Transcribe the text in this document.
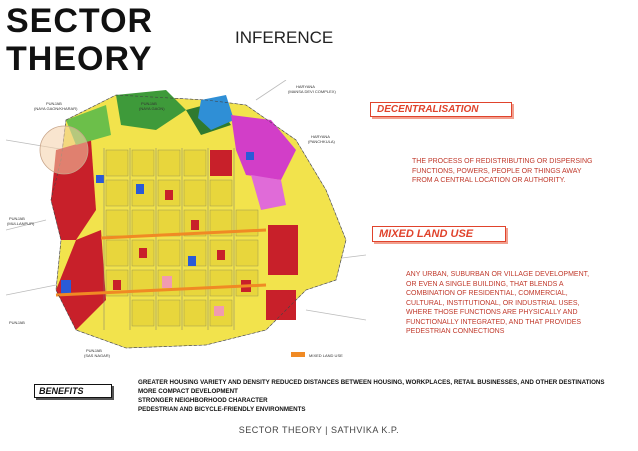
SECTOR
THEORY
INFERENCE
MIXED LAND USE
HARYANA
(MANSA DEVI COMPLEX)
HARYANA
(PANCHKULA)
PUNJAB
(NAYA GAON)
PUNJAB
(NAYA GAON/KHARAR)
PUNJAB
(MULLANPUR)
PUNJAB
PUNJAB
(SAS NAGAR)
DECENTRALISATION
THE PROCESS OF REDISTRIBUTING OR DISPERSING
FUNCTIONS, POWERS, PEOPLE OR THINGS AWAY
FROM A CENTRAL LOCATION OR AUTHORITY.
MIXED LAND USE
ANY URBAN, SUBURBAN OR VILLAGE DEVELOPMENT,
OR EVEN A SINGLE BUILDING, THAT BLENDS A
COMBINATION OF RESIDENTIAL, COMMERCIAL,
CULTURAL, INSTITUTIONAL, OR INDUSTRIAL USES,
WHERE THOSE FUNCTIONS ARE PHYSICALLY AND
FUNCTIONALLY INTEGRATED, AND THAT PROVIDES
PEDESTRIAN CONNECTIONS
BENEFITS
GREATER HOUSING VARIETY AND DENSITY REDUCED DISTANCES BETWEEN HOUSING, WORKPLACES, RETAIL BUSINESSES, AND OTHER DESTINATIONS
MORE COMPACT DEVELOPMENT
STRONGER NEIGHBORHOOD CHARACTER
PEDESTRIAN AND BICYCLE-FRIENDLY ENVIRONMENTS
SECTOR THEORY | SATHVIKA K.P.
